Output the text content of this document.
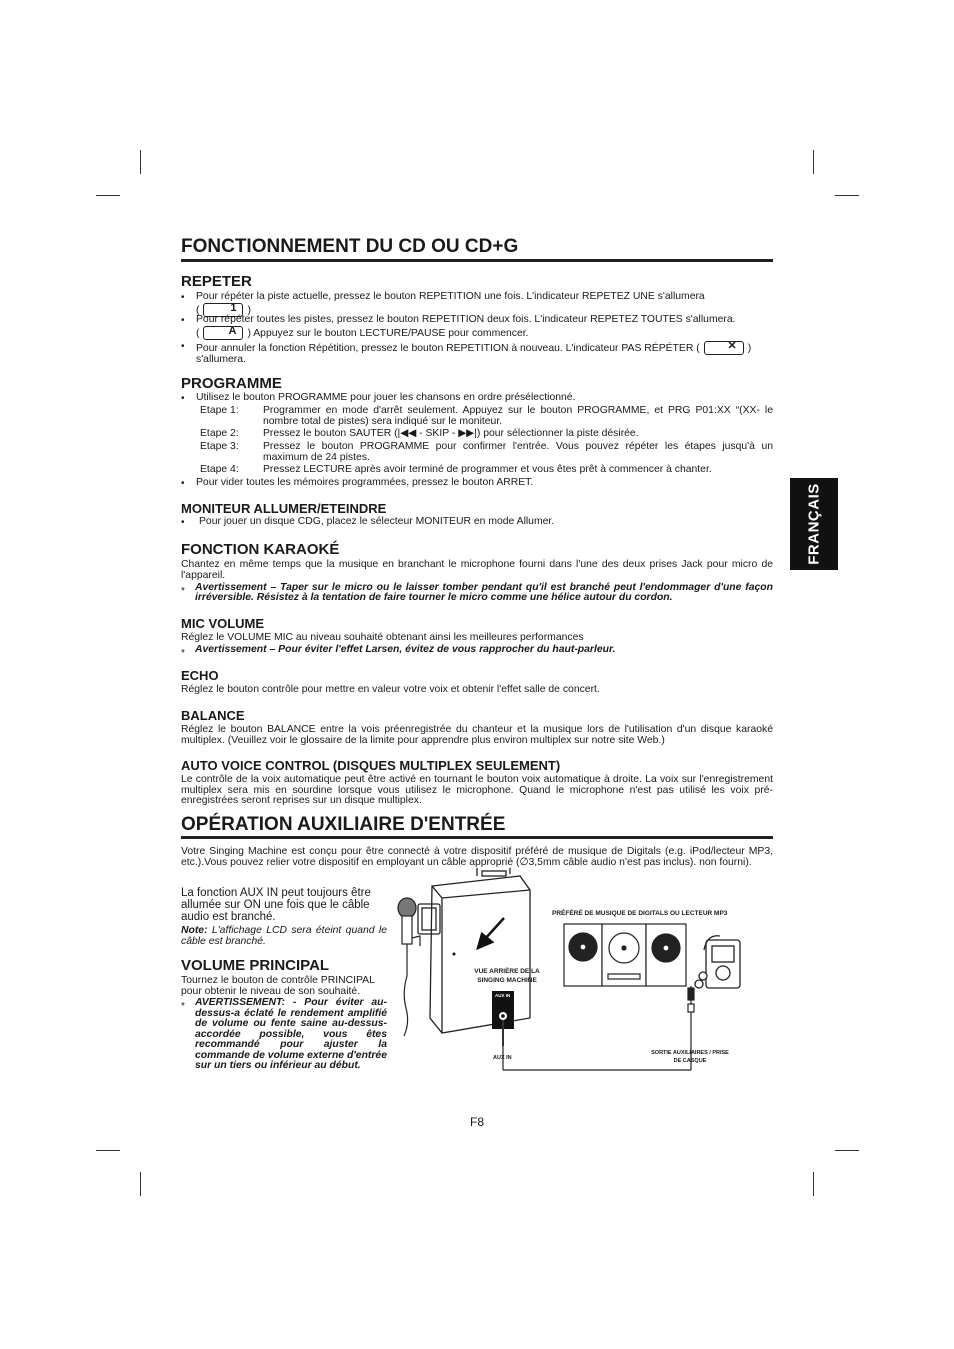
FRANÇAIS
FONCTIONNEMENT DU CD OU CD+G
REPETER
Pour répéter la piste actuelle, pressez le bouton REPETITION une fois. L'indicateur REPETEZ UNE s'allumera
(	1 )
Pour répéter toutes les pistes, pressez le bouton REPETITION deux fois. L'indicateur REPETEZ TOUTES s'allumera.
(	A ) Appuyez sur le bouton LECTURE/PAUSE pour commencer.
Pour annuler la fonction Répétition, pressez le bouton REPETITION à nouveau. L'indicateur PAS RÉPÉTER (	✕ )
s'allumera.
•
•
•
PROGRAMME
• Utilisez le bouton PROGRAMME pour jouer les chansons en ordre présélectionné.
Etape 1: Programmer en mode d'arrêt seulement. Appuyez sur le bouton PROGRAMME, et PRG P01:XX “(XX- le nombre total de pistes) sera indiqué sur le moniteur.
Etape 2: Pressez le bouton SAUTER (|◀◀ - SKIP - ▶▶|) pour sélectionner la piste désirée.
Etape 3: Pressez le bouton PROGRAMME pour confirmer l'entrée. Vous pouvez répéter les étapes jusqu'à un maximum de 24 pistes.
Etape 4: Pressez LECTURE après avoir terminé de programmer et vous êtes prêt à commencer à chanter.
• Pour vider toutes les mémoires programmées, pressez le bouton ARRET.
MONITEUR ALLUMER/ETEINDRE
• Pour jouer un disque CDG, placez le sélecteur MONITEUR en mode Allumer.
FONCTION KARAOKÉ
Chantez en même temps que la musique en branchant le microphone fourni dans l'une des deux prises Jack pour micro de l'appareil.
* Avertissement – Taper sur le micro ou le laisser tomber pendant qu'il est branché peut l'endommager d'une façon irréversible. Résistez à la tentation de faire tourner le micro comme une hélice autour du cordon.
MIC VOLUME
Réglez le VOLUME MIC au niveau souhaité obtenant ainsi les meilleures performances
* Avertissement – Pour éviter l'effet Larsen, évitez de vous rapprocher du haut-parleur.
ECHO
Réglez le bouton contrôle pour mettre en valeur votre voix et obtenir l'effet salle de concert.
BALANCE
Réglez le bouton BALANCE entre la vois préenregistrée du chanteur et la musique lors de l'utilisation d'un disque karaoké multiplex. (Veuillez voir le glossaire de la limite pour apprendre plus environ multiplex sur notre site Web.)
AUTO VOICE CONTROL (DISQUES MULTIPLEX SEULEMENT)
Le contrôle de la voix automatique peut être activé en tournant le bouton voix automatique à droite. La voix sur l'enregistrement multiplex sera mis en sourdine lorsque vous utilisez le microphone. Quand le microphone n'est pas utilisé les voix pré-enregistrées seront reprises sur un disque multiplex.
OPÉRATION AUXILIAIRE D'ENTRÉE
Votre Singing Machine est conçu pour être connecté à votre dispositif préféré de musique de Digitals (e.g. iPod/lecteur MP3, etc.).Vous pouvez relier votre dispositif en employant un câble approprié (∅3,5mm câble audio n'est pas inclus). non fourni).
La fonction AUX IN peut toujours être allumée sur ON une fois que le câble audio est branché.
Note: L'affichage LCD sera éteint quand le câble est branché.
VOLUME PRINCIPAL
Tournez le bouton de contrôle PRINCIPAL pour obtenir le niveau de son souhaité.
* AVERTISSEMENT: - Pour éviter au-dessus-a éclaté le rendement amplifié de volume ou fente saine au-dessus-accordée possible, vous êtes recommandé pour ajuster la commande de volume externe d'entrée sur un tiers ou inférieur au début.
PRÉFÉRÉ DE MUSIQUE DE DIGITALS OU LECTEUR MP3
VUE ARRIÈRE DE LA SINGING MACHINE
AUX IN
AUX IN
SORTIE AUXILIAIRES / PRISE DE CASQUE
F8
